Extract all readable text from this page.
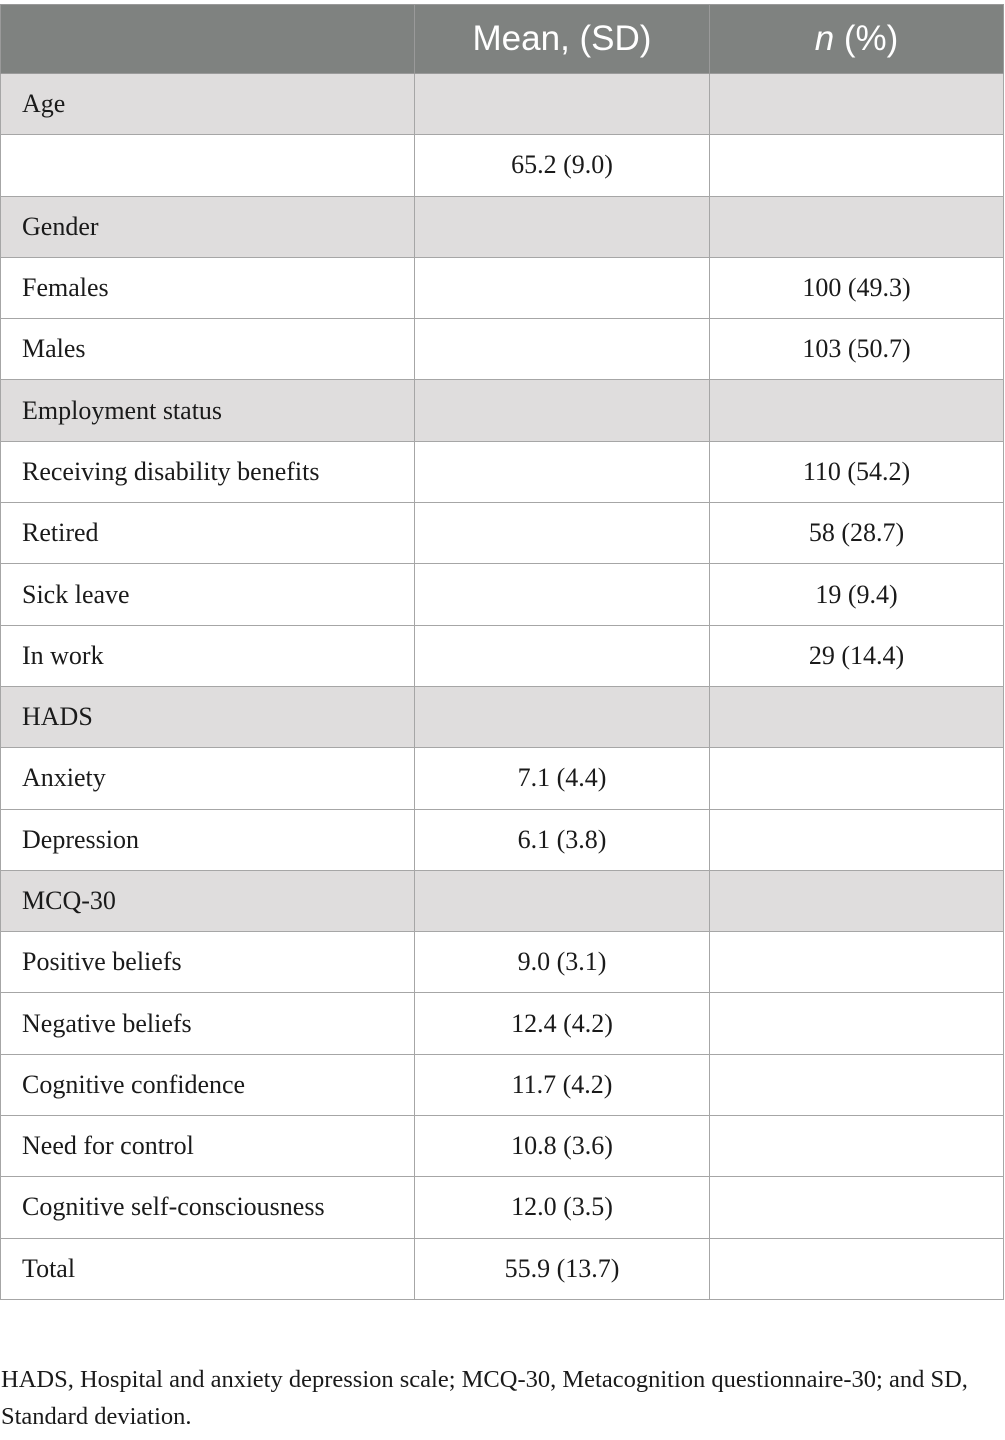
	Mean, (SD)	n (%)
Age		
	65.2 (9.0)	
Gender		
Females		100 (49.3)
Males		103 (50.7)
Employment status		
Receiving disability benefits		110 (54.2)
Retired		58 (28.7)
Sick leave		19 (9.4)
In work		29 (14.4)
HADS		
Anxiety	7.1 (4.4)	
Depression	6.1 (3.8)	
MCQ-30		
Positive beliefs	9.0 (3.1)	
Negative beliefs	12.4 (4.2)	
Cognitive confidence	11.7 (4.2)	
Need for control	10.8 (3.6)	
Cognitive self-consciousness	12.0 (3.5)	
Total	55.9 (13.7)	
HADS, Hospital and anxiety depression scale; MCQ-30, Metacognition questionnaire-30; and SD, Standard deviation.
